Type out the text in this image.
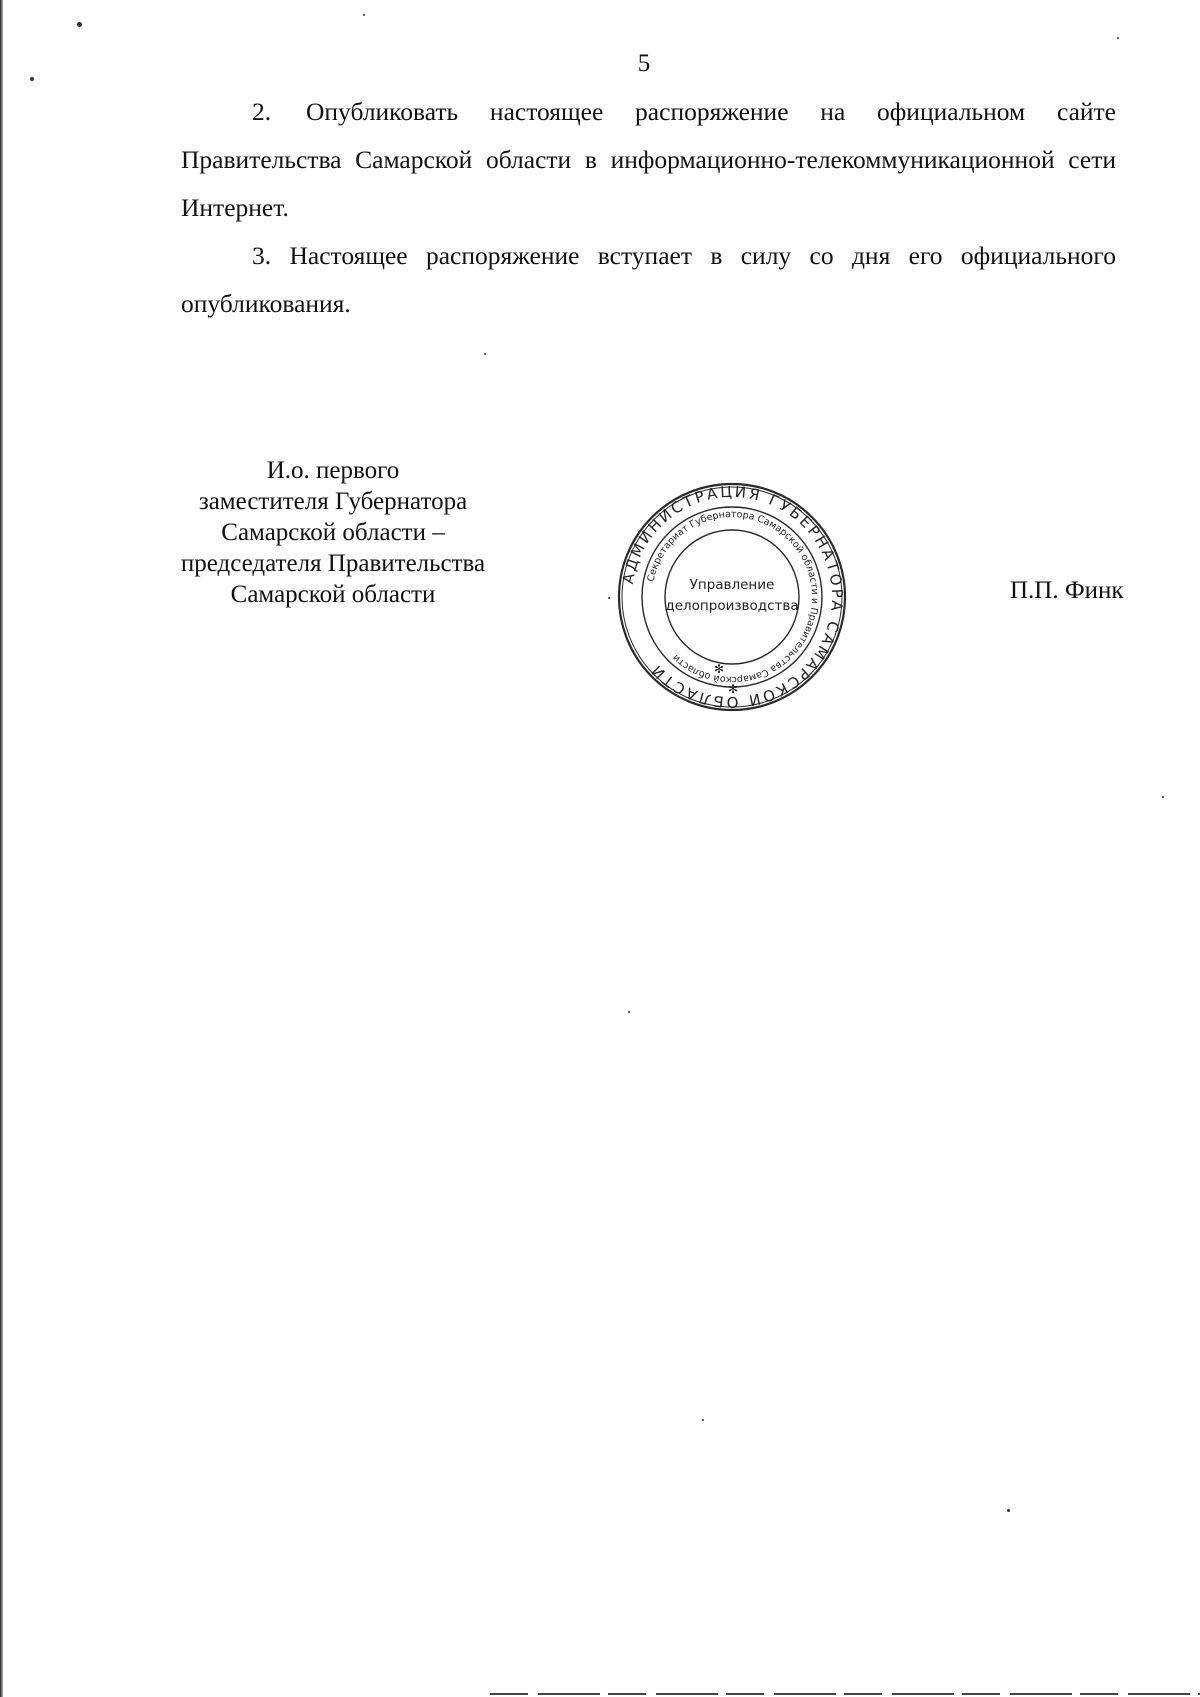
5

2. Опубликовать настоящее распоряжение на официальном сайте Правительства Самарской области в информационно-телекоммуникационной сети Интернет.

3. Настоящее распоряжение вступает в силу со дня его официального опубликования.

И.о. первого
заместителя Губернатора
Самарской области –
председателя Правительства
Самарской области
АДМИНИСТРАЦИЯ ГУБЕРНАТОРА САМАРСКОЙ ОБЛАСТИ
Секретариат Губернатора Самарской области и Правительства Самарской области
Управление
делопроизводства
✻
✻
П.П. Финк
